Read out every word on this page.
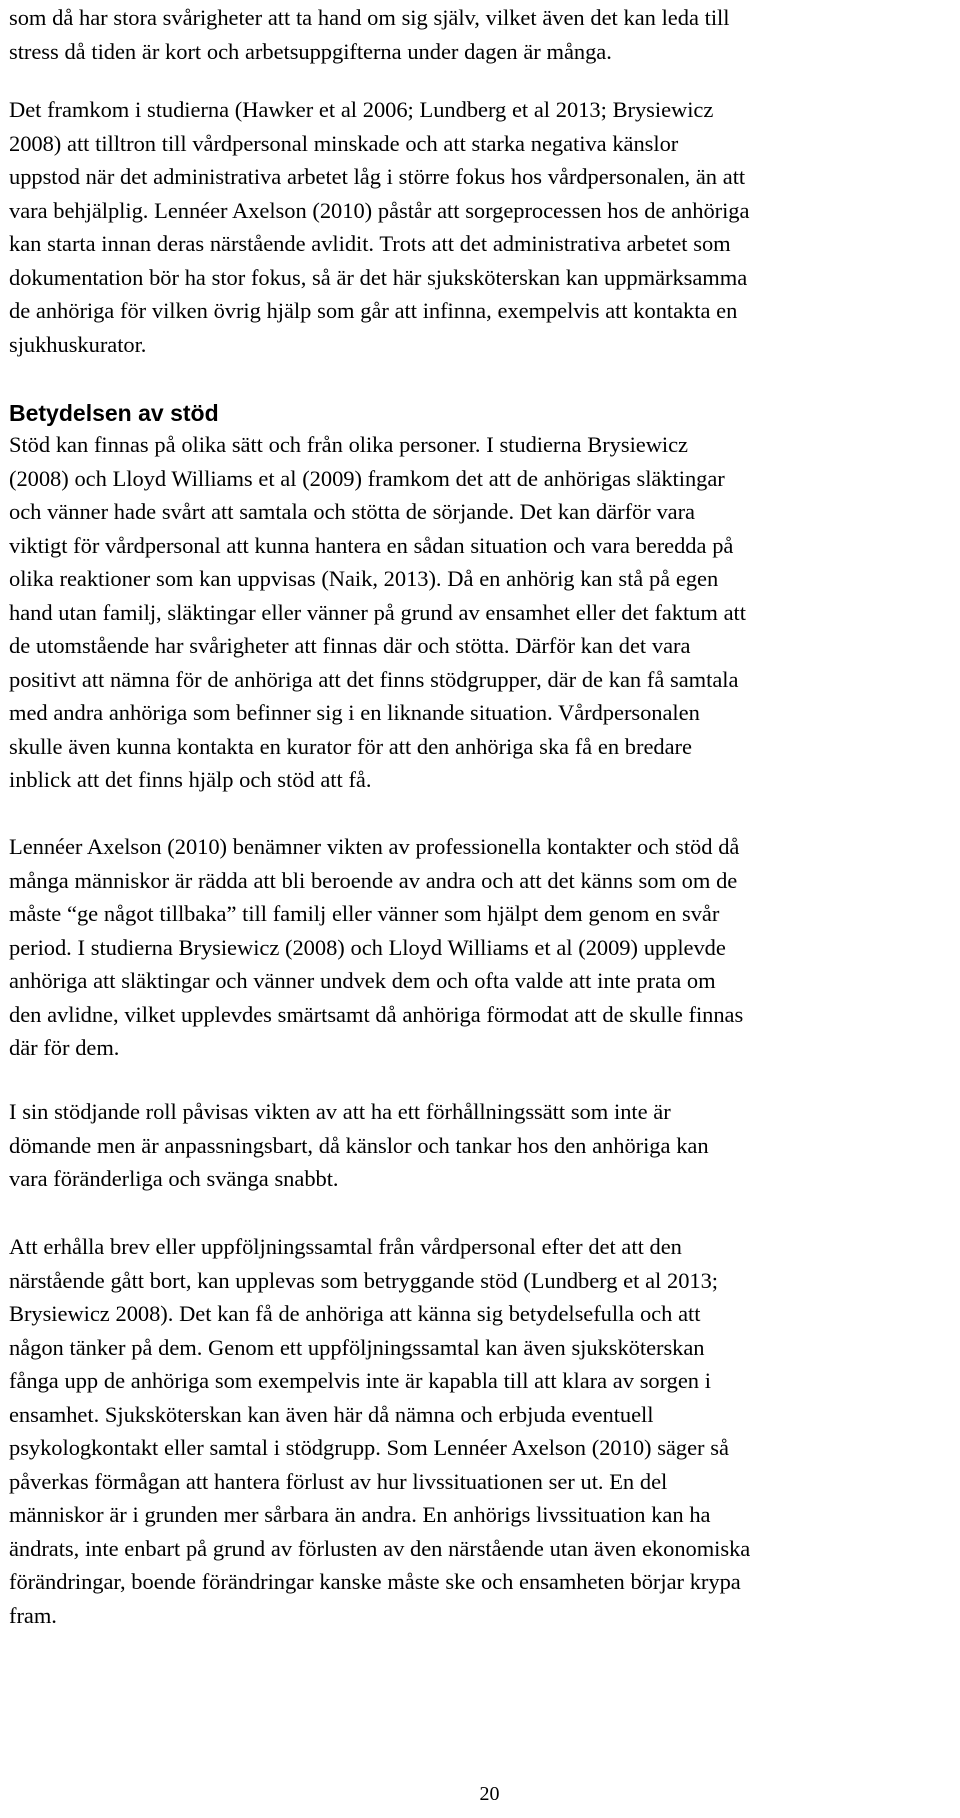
som då har stora svårigheter att ta hand om sig själv, vilket även det kan leda till
stress då tiden är kort och arbetsuppgifterna under dagen är många.

Det framkom i studierna (Hawker et al 2006; Lundberg et al 2013; Brysiewicz
2008) att tilltron till vårdpersonal minskade och att starka negativa känslor
uppstod när det administrativa arbetet låg i större fokus hos vårdpersonalen, än att
vara behjälplig. Lennéer Axelson (2010) påstår att sorgeprocessen hos de anhöriga
kan starta innan deras närstående avlidit. Trots att det administrativa arbetet som
dokumentation bör ha stor fokus, så är det här sjuksköterskan kan uppmärksamma
de anhöriga för vilken övrig hjälp som går att infinna, exempelvis att kontakta en
sjukhuskurator.

Betydelsen av stöd

Stöd kan finnas på olika sätt och från olika personer. I studierna Brysiewicz
(2008) och Lloyd Williams et al (2009) framkom det att de anhörigas släktingar
och vänner hade svårt att samtala och stötta de sörjande. Det kan därför vara
viktigt för vårdpersonal att kunna hantera en sådan situation och vara beredda på
olika reaktioner som kan uppvisas (Naik, 2013). Då en anhörig kan stå på egen
hand utan familj, släktingar eller vänner på grund av ensamhet eller det faktum att
de utomstående har svårigheter att finnas där och stötta. Därför kan det vara
positivt att nämna för de anhöriga att det finns stödgrupper, där de kan få samtala
med andra anhöriga som befinner sig i en liknande situation. Vårdpersonalen
skulle även kunna kontakta en kurator för att den anhöriga ska få en bredare
inblick att det finns hjälp och stöd att få.

Lennéer Axelson (2010) benämner vikten av professionella kontakter och stöd då
många människor är rädda att bli beroende av andra och att det känns som om de
måste “ge något tillbaka” till familj eller vänner som hjälpt dem genom en svår
period. I studierna Brysiewicz (2008) och Lloyd Williams et al (2009) upplevde
anhöriga att släktingar och vänner undvek dem och ofta valde att inte prata om
den avlidne, vilket upplevdes smärtsamt då anhöriga förmodat att de skulle finnas
där för dem.

I sin stödjande roll påvisas vikten av att ha ett förhållningssätt som inte är
dömande men är anpassningsbart, då känslor och tankar hos den anhöriga kan
vara föränderliga och svänga snabbt.

Att erhålla brev eller uppföljningssamtal från vårdpersonal efter det att den
närstående gått bort, kan upplevas som betryggande stöd (Lundberg et al 2013;
Brysiewicz 2008). Det kan få de anhöriga att känna sig betydelsefulla och att
någon tänker på dem. Genom ett uppföljningssamtal kan även sjuksköterskan
fånga upp de anhöriga som exempelvis inte är kapabla till att klara av sorgen i
ensamhet. Sjuksköterskan kan även här då nämna och erbjuda eventuell
psykologkontakt eller samtal i stödgrupp. Som Lennéer Axelson (2010) säger så
påverkas förmågan att hantera förlust av hur livssituationen ser ut. En del
människor är i grunden mer sårbara än andra. En anhörigs livssituation kan ha
ändrats, inte enbart på grund av förlusten av den närstående utan även ekonomiska
förändringar, boende förändringar kanske måste ske och ensamheten börjar krypa
fram.

20
